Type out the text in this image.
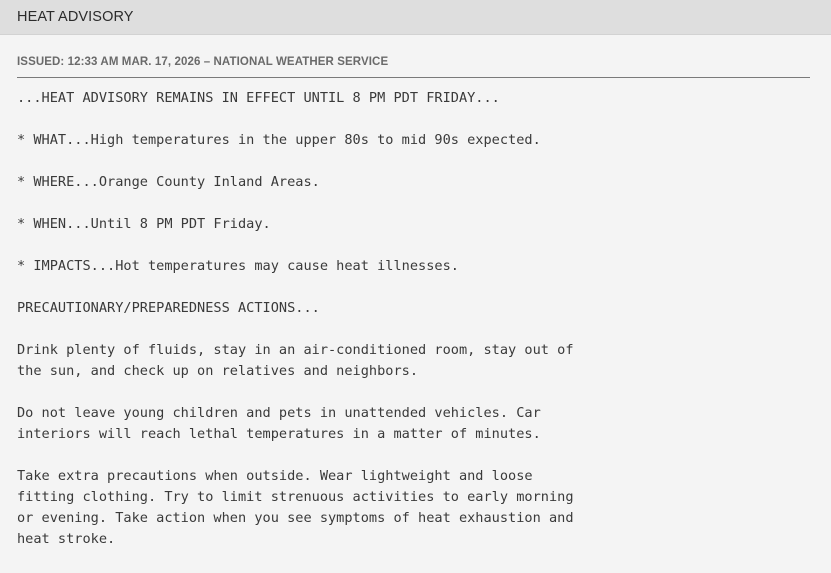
HEAT ADVISORY
ISSUED: 12:33 AM MAR. 17, 2026 – NATIONAL WEATHER SERVICE
...HEAT ADVISORY REMAINS IN EFFECT UNTIL 8 PM PDT FRIDAY...
* WHAT...High temperatures in the upper 80s to mid 90s expected.
* WHERE...Orange County Inland Areas.
* WHEN...Until 8 PM PDT Friday.
* IMPACTS...Hot temperatures may cause heat illnesses.
PRECAUTIONARY/PREPAREDNESS ACTIONS...
Drink plenty of fluids, stay in an air-conditioned room, stay out of
the sun, and check up on relatives and neighbors.
Do not leave young children and pets in unattended vehicles. Car
interiors will reach lethal temperatures in a matter of minutes.
Take extra precautions when outside. Wear lightweight and loose
fitting clothing. Try to limit strenuous activities to early morning
or evening. Take action when you see symptoms of heat exhaustion and
heat stroke.
